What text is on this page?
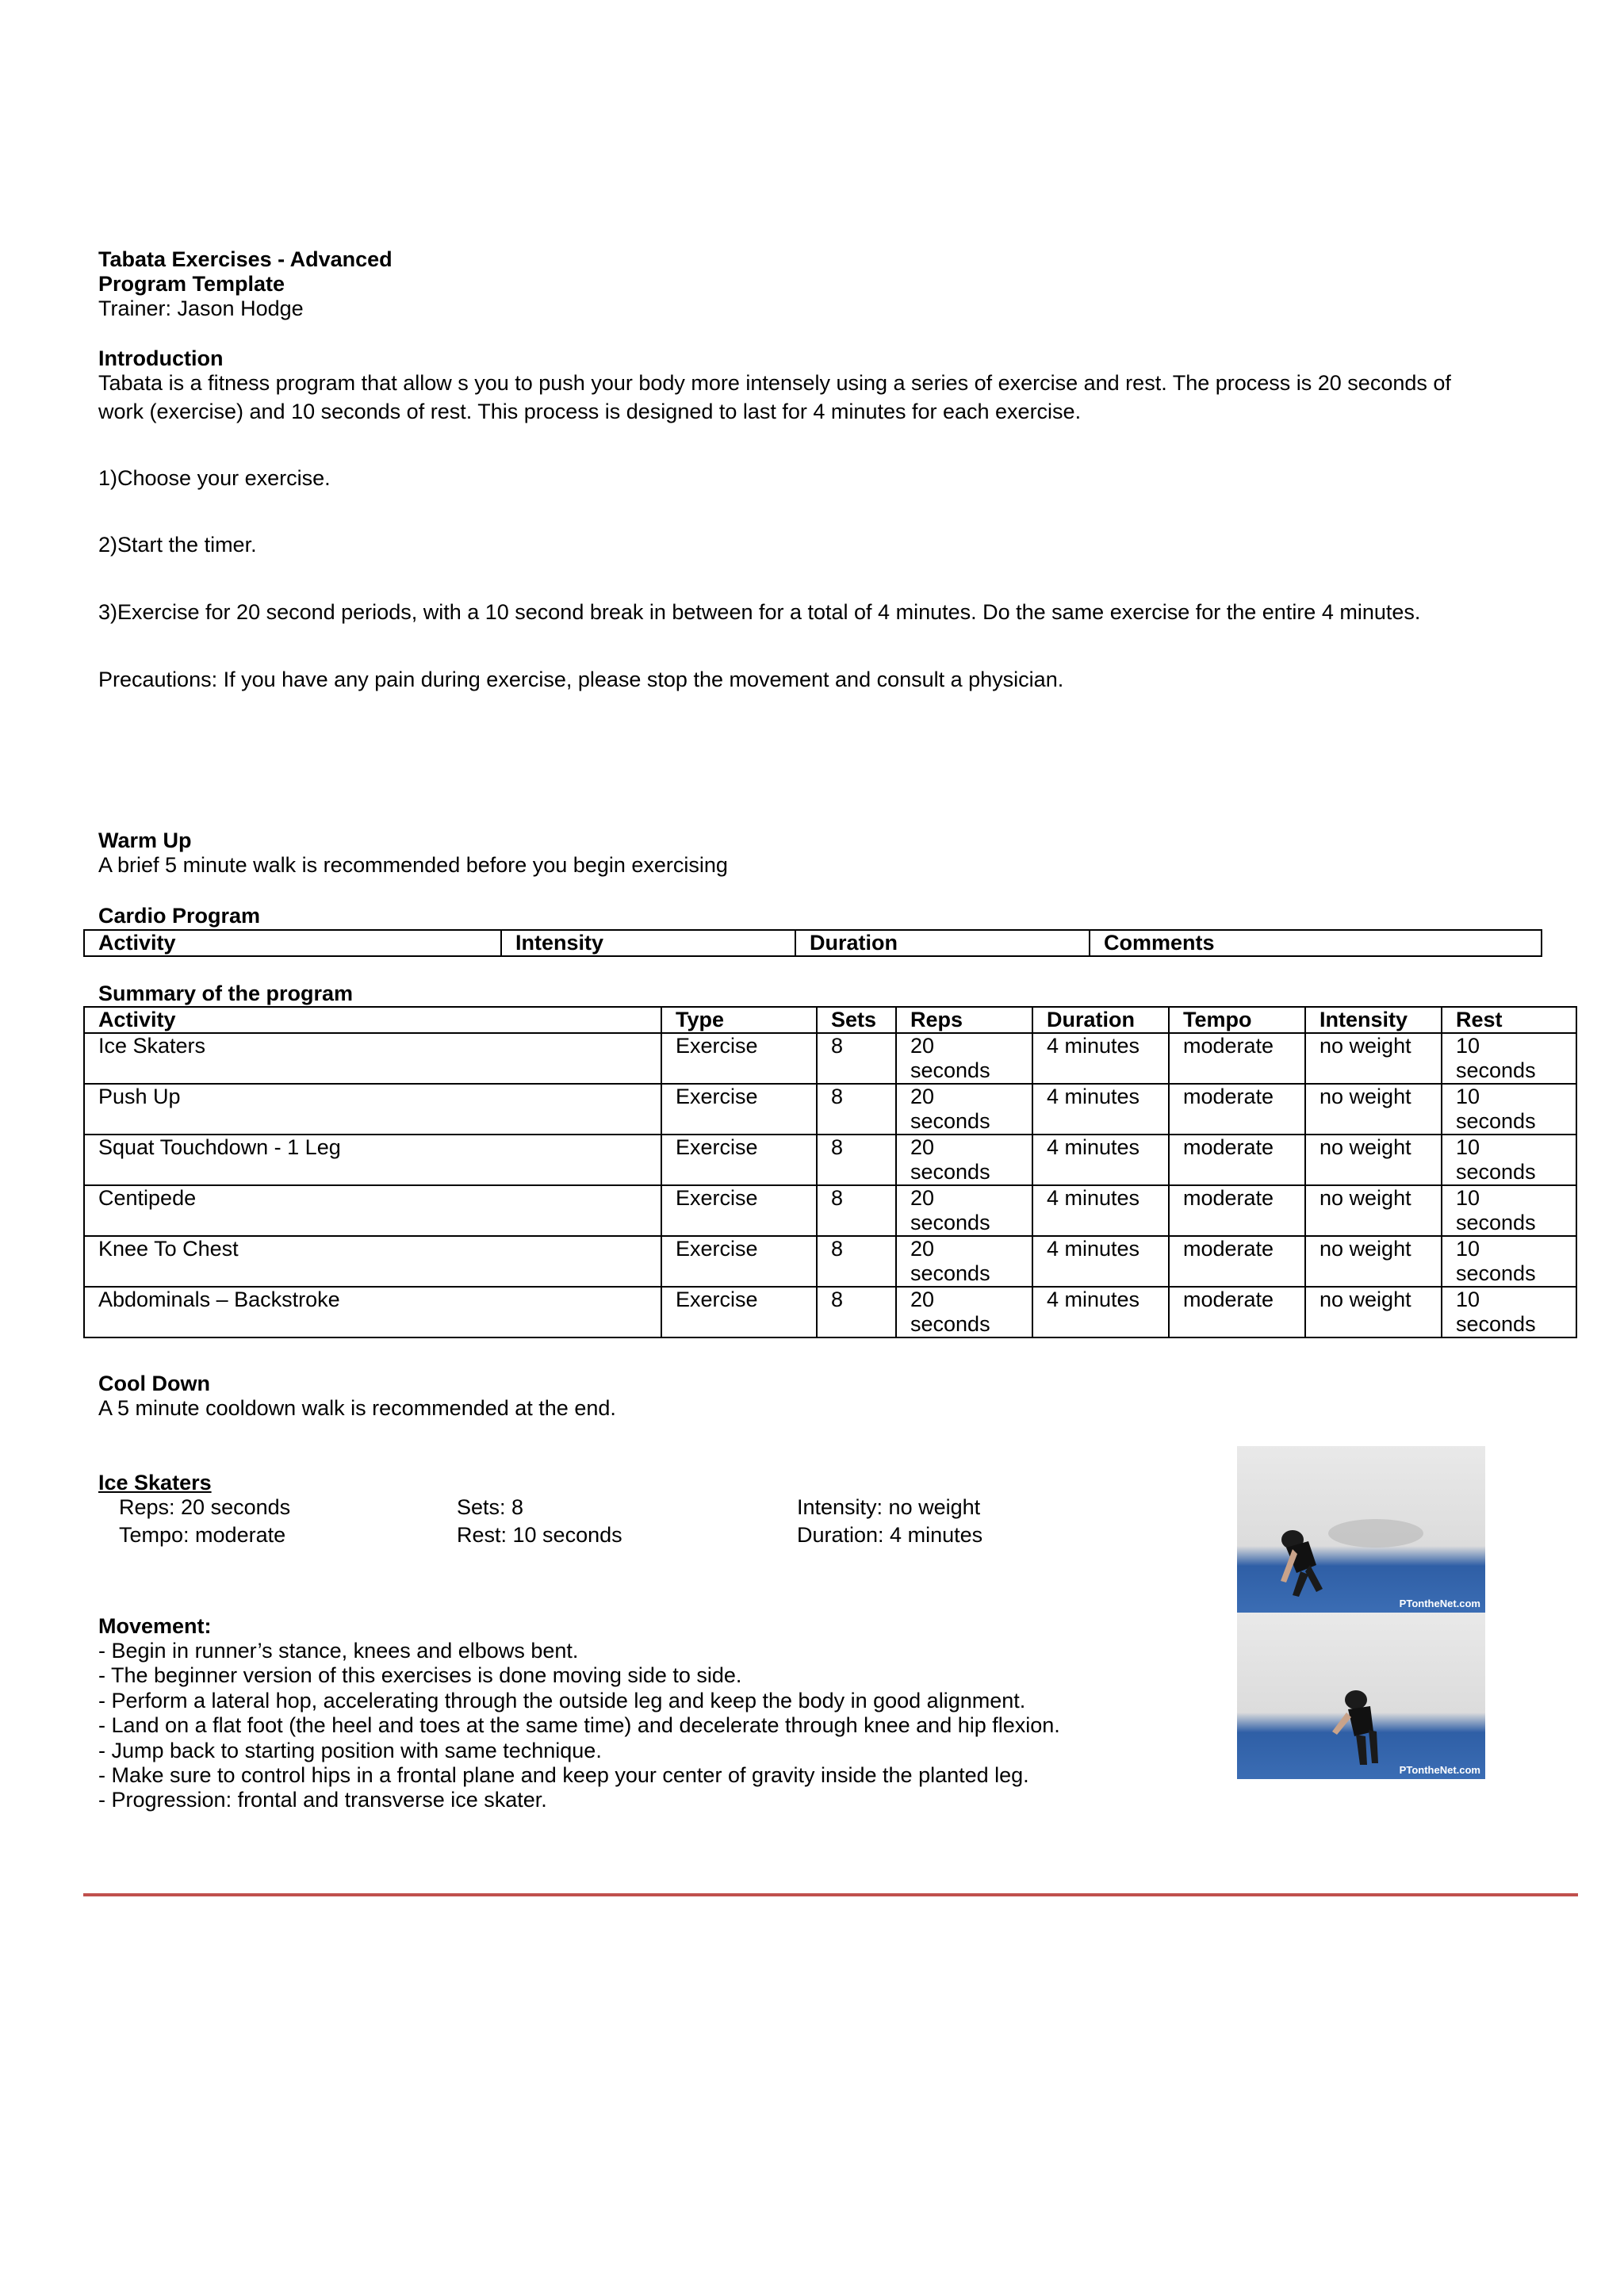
Tabata Exercises - Advanced

Program Template

Trainer: Jason Hodge

Introduction

Tabata is a fitness program that allow s you to push your body more intensely using a series of exercise and rest. The process is 20 seconds of

work (exercise) and 10 seconds of rest. This process is designed to last for 4 minutes for each exercise.

1)Choose your exercise.

2)Start the timer.

3)Exercise for 20 second periods, with a 10 second break in between for a total of 4 minutes. Do the same exercise for the entire 4 minutes.

Precautions: If you have any pain during exercise, please stop the movement and consult a physician.

Warm Up

A brief 5 minute walk is recommended before you begin exercising

Cardio Program

Activity	Intensity	Duration	Comments

Summary of the program

Activity	Type	Sets	Reps	Duration	Tempo	Intensity	Rest
Ice Skaters	Exercise	8	20 seconds	4 minutes	moderate	no weight	10 seconds
Push Up	Exercise	8	20 seconds	4 minutes	moderate	no weight	10 seconds
Squat Touchdown - 1 Leg	Exercise	8	20 seconds	4 minutes	moderate	no weight	10 seconds
Centipede	Exercise	8	20 seconds	4 minutes	moderate	no weight	10 seconds
Knee To Chest	Exercise	8	20 seconds	4 minutes	moderate	no weight	10 seconds
Abdominals – Backstroke	Exercise	8	20 seconds	4 minutes	moderate	no weight	10 seconds

Cool Down

A 5 minute cooldown walk is recommended at the end.

Ice Skaters

Reps: 20 seconds

Tempo: moderate

Sets: 8

Rest: 10 seconds

Intensity: no weight

Duration: 4 minutes

PTontheNet.com
PTontheNet.com

Movement:

- Begin in runner’s stance, knees and elbows bent.

- The beginner version of this exercises is done moving side to side.

- Perform a lateral hop, accelerating through the outside leg and keep the body in good alignment.

- Land on a flat foot (the heel and toes at the same time) and decelerate through knee and hip flexion.

- Jump back to starting position with same technique.

- Make sure to control hips in a frontal plane and keep your center of gravity inside the planted leg.

- Progression: frontal and transverse ice skater.
